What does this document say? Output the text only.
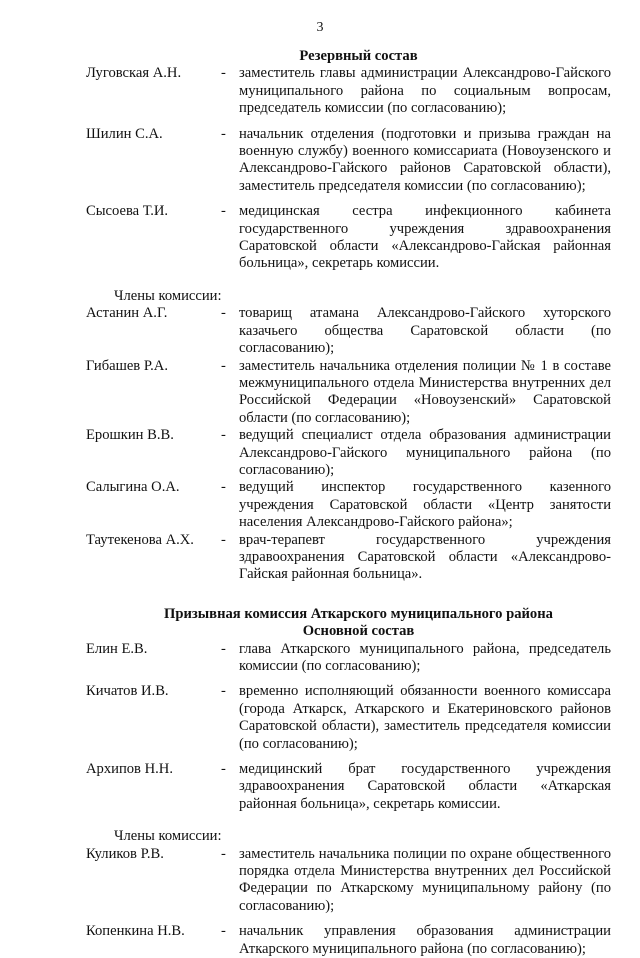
3
Резервный состав
Луговская А.Н.	- заместитель главы администрации Александрово-Гайского муниципального района по социальным вопросам, председатель комиссии (по согласованию);
Шилин С.А.	- начальник отделения (подготовки и призыва граждан на военную службу) военного комиссариата (Новоузенского и Александрово-Гайского районов Саратовской области), заместитель председателя комиссии (по согласованию);
Сысоева Т.И.	- медицинская сестра инфекционного кабинета государственного учреждения здравоохранения Саратовской области «Александрово-Гайская районная больница», секретарь комиссии.
Члены комиссии:
Астанин А.Г.	- товарищ атамана Александрово-Гайского хуторского казачьего общества Саратовской области (по согласованию);
Гибашев Р.А.	- заместитель начальника отделения полиции № 1 в составе межмуниципального отдела Министерства внутренних дел Российской Федерации «Новоузенский» Саратовской области (по согласованию);
Ерошкин В.В.	- ведущий специалист отдела образования администрации Александрово-Гайского муниципального района (по согласованию);
Салыгина О.А.	- ведущий инспектор государственного казенного учреждения Саратовской области «Центр занятости населения Александрово-Гайского района»;
Таутекенова А.Х.	- врач-терапевт государственного учреждения здравоохранения Саратовской области «Александрово-Гайская районная больница».
Призывная комиссия Аткарского муниципального района
Основной состав
Елин Е.В.	- глава Аткарского муниципального района, председатель комиссии (по согласованию);
Кичатов И.В.	- временно исполняющий обязанности военного комиссара (города Аткарск, Аткарского и Екатериновского районов Саратовской области), заместитель председателя комиссии (по согласованию);
Архипов Н.Н.	- медицинский брат государственного учреждения здравоохранения Саратовской области «Аткарская районная больница», секретарь комиссии.
Члены комиссии:
Куликов Р.В.	- заместитель начальника полиции по охране общественного порядка отдела Министерства внутренних дел Российской Федерации по Аткарскому муниципальному району (по согласованию);
Копенкина Н.В.	- начальник управления образования администрации Аткарского муниципального района (по согласованию);
